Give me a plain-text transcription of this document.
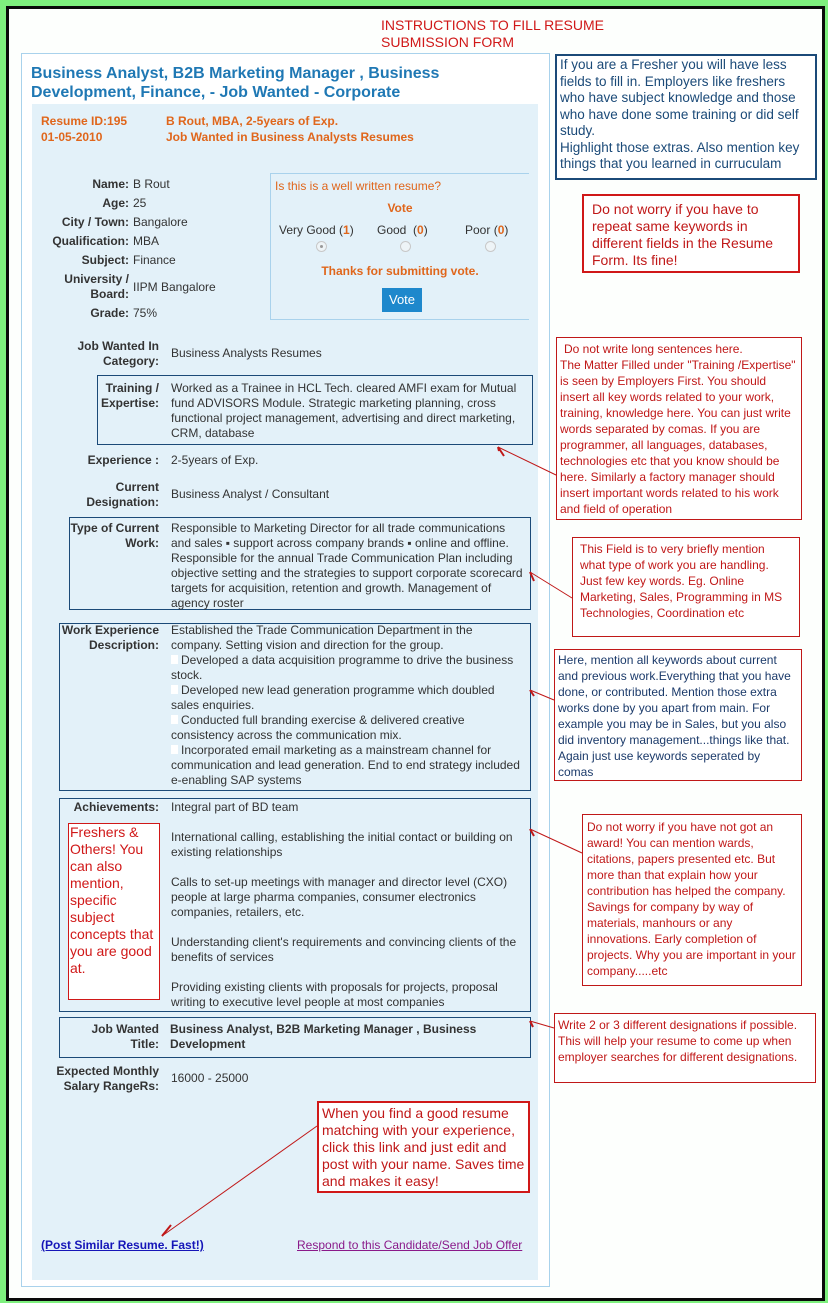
INSTRUCTIONS TO FILL RESUME
SUBMISSION FORM
Business Analyst, B2B Marketing Manager , Business Development, Finance, - Job Wanted - Corporate
Resume ID:195
01-05-2010
B Rout, MBA, 2-5years of Exp.
Job Wanted in Business Analysts Resumes
Name: B Rout
Age: 25
City / Town: Bangalore
Qualification: MBA
Subject: Finance
University / Board: IIPM Bangalore
Grade: 75%
Is this is a well written resume?
Vote
Very Good (1) Good  (0)	Poor (0)
Thanks for submitting vote.
Vote
Job Wanted In Category:
Business Analysts Resumes
Training / Expertise:
Worked as a Trainee in HCL Tech. cleared AMFI exam for Mutual fund ADVISORS Module. Strategic marketing planning, cross functional project management, advertising and direct marketing, CRM, database
Experience : 2-5years of Exp.
Current Designation:
Business Analyst / Consultant
Type of Current Work:
Responsible to Marketing Director for all trade communications and sales ▪ support across company brands ▪ online and offline. Responsible for the annual Trade Communication Plan including objective setting and the strategies to support corporate scorecard targets for acquisition, retention and growth. Management of agency roster
Work Experience Description:
Established the Trade Communication Department in the company. Setting vision and direction for the group.
Developed a data acquisition programme to drive the business stock.
Developed new lead generation programme which doubled sales enquiries.
Conducted full branding exercise & delivered creative consistency across the communication mix.
Incorporated email marketing as a mainstream channel for communication and lead generation. End to end strategy included e-enabling SAP systems
Achievements: Integral part of BD team
International calling, establishing the initial contact or building on existing relationships
Calls to set-up meetings with manager and director level (CXO) people at large pharma companies, consumer electronics companies, retailers, etc.
Understanding client's requirements and convincing clients of the benefits of services
Providing existing clients with proposals for projects, proposal writing to executive level people at most companies
Freshers & Others! You can also mention, specific subject concepts that you are good at.
Job Wanted Title:
Business Analyst, B2B Marketing Manager , Business Development
Expected Monthly Salary RangeRs:
16000 - 25000
When you find a good resume matching with your experience, click this link and just edit and post with your name. Saves time and makes it easy!
(Post Similar Resume. Fast!)	Respond to this Candidate/Send Job Offer
If you are a Fresher you will have less fields to fill in. Employers like freshers who have subject knowledge and those who have done some training or did self study.
Highlight those extras. Also mention key things that you learned in curruculam
Do not worry if you have to repeat same keywords in different fields in the Resume Form. Its fine!
Do not write long sentences here.
The Matter Filled under "Training /Expertise" is seen by Employers First. You should insert all key words related to your work, training, knowledge here. You can just write words separated by comas. If you are programmer, all languages, databases, technologies etc that you know should be here. Similarly a factory manager should insert important words related to his work and field of operation
This Field is to very briefly mention what type of work you are handling. Just few key words. Eg. Online Marketing, Sales, Programming in MS Technologies, Coordination etc
Here, mention all keywords about current and previous work.Everything that you have done, or contributed. Mention those extra works done by you apart from main. For example you may be in Sales, but you also did inventory management...things like that. Again just use keywords seperated by comas
Do not worry if you have not got an award! You can mention wards, citations, papers presented etc. But more than that explain how your contribution has helped the company. Savings for company by way of materials, manhours or any innovations. Early completion of projects. Why you are important in your company.....etc
Write 2 or 3 different designations if possible. This will help your resume to come up when employer searches for different designations.
